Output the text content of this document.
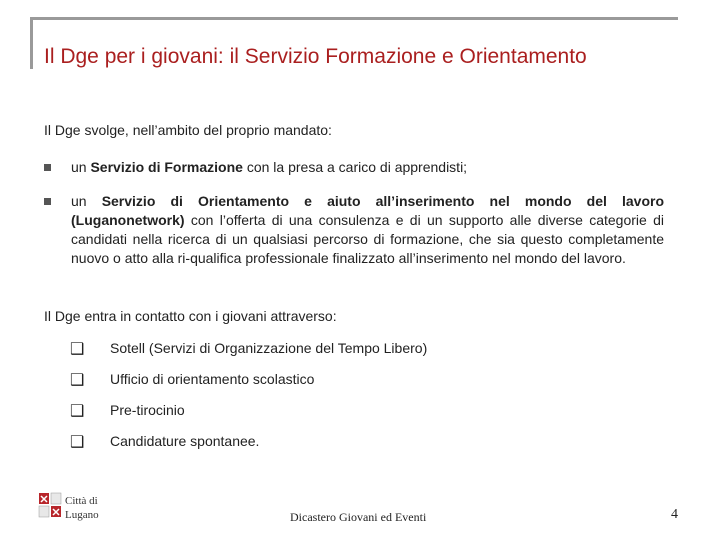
Il Dge per i giovani: il Servizio Formazione e Orientamento
Il Dge svolge, nell’ambito del proprio mandato:
un Servizio di Formazione con la presa a carico di apprendisti;
un Servizio di Orientamento e aiuto all’inserimento nel mondo del lavoro (Luganonetwork) con l’offerta di una consulenza e di un supporto alle diverse categorie di candidati nella ricerca di un qualsiasi percorso di formazione, che sia questo completamente nuovo o atto alla ri-qualifica professionale finalizzato all’inserimento nel mondo del lavoro.
Il Dge entra in contatto con i giovani attraverso:
❑ Sotell (Servizi di Organizzazione del Tempo Libero)
❑ Ufficio di orientamento scolastico
❑ Pre-tirocinio
❑ Candidature spontanee.
Città di
Lugano	Dicastero Giovani ed Eventi	4
